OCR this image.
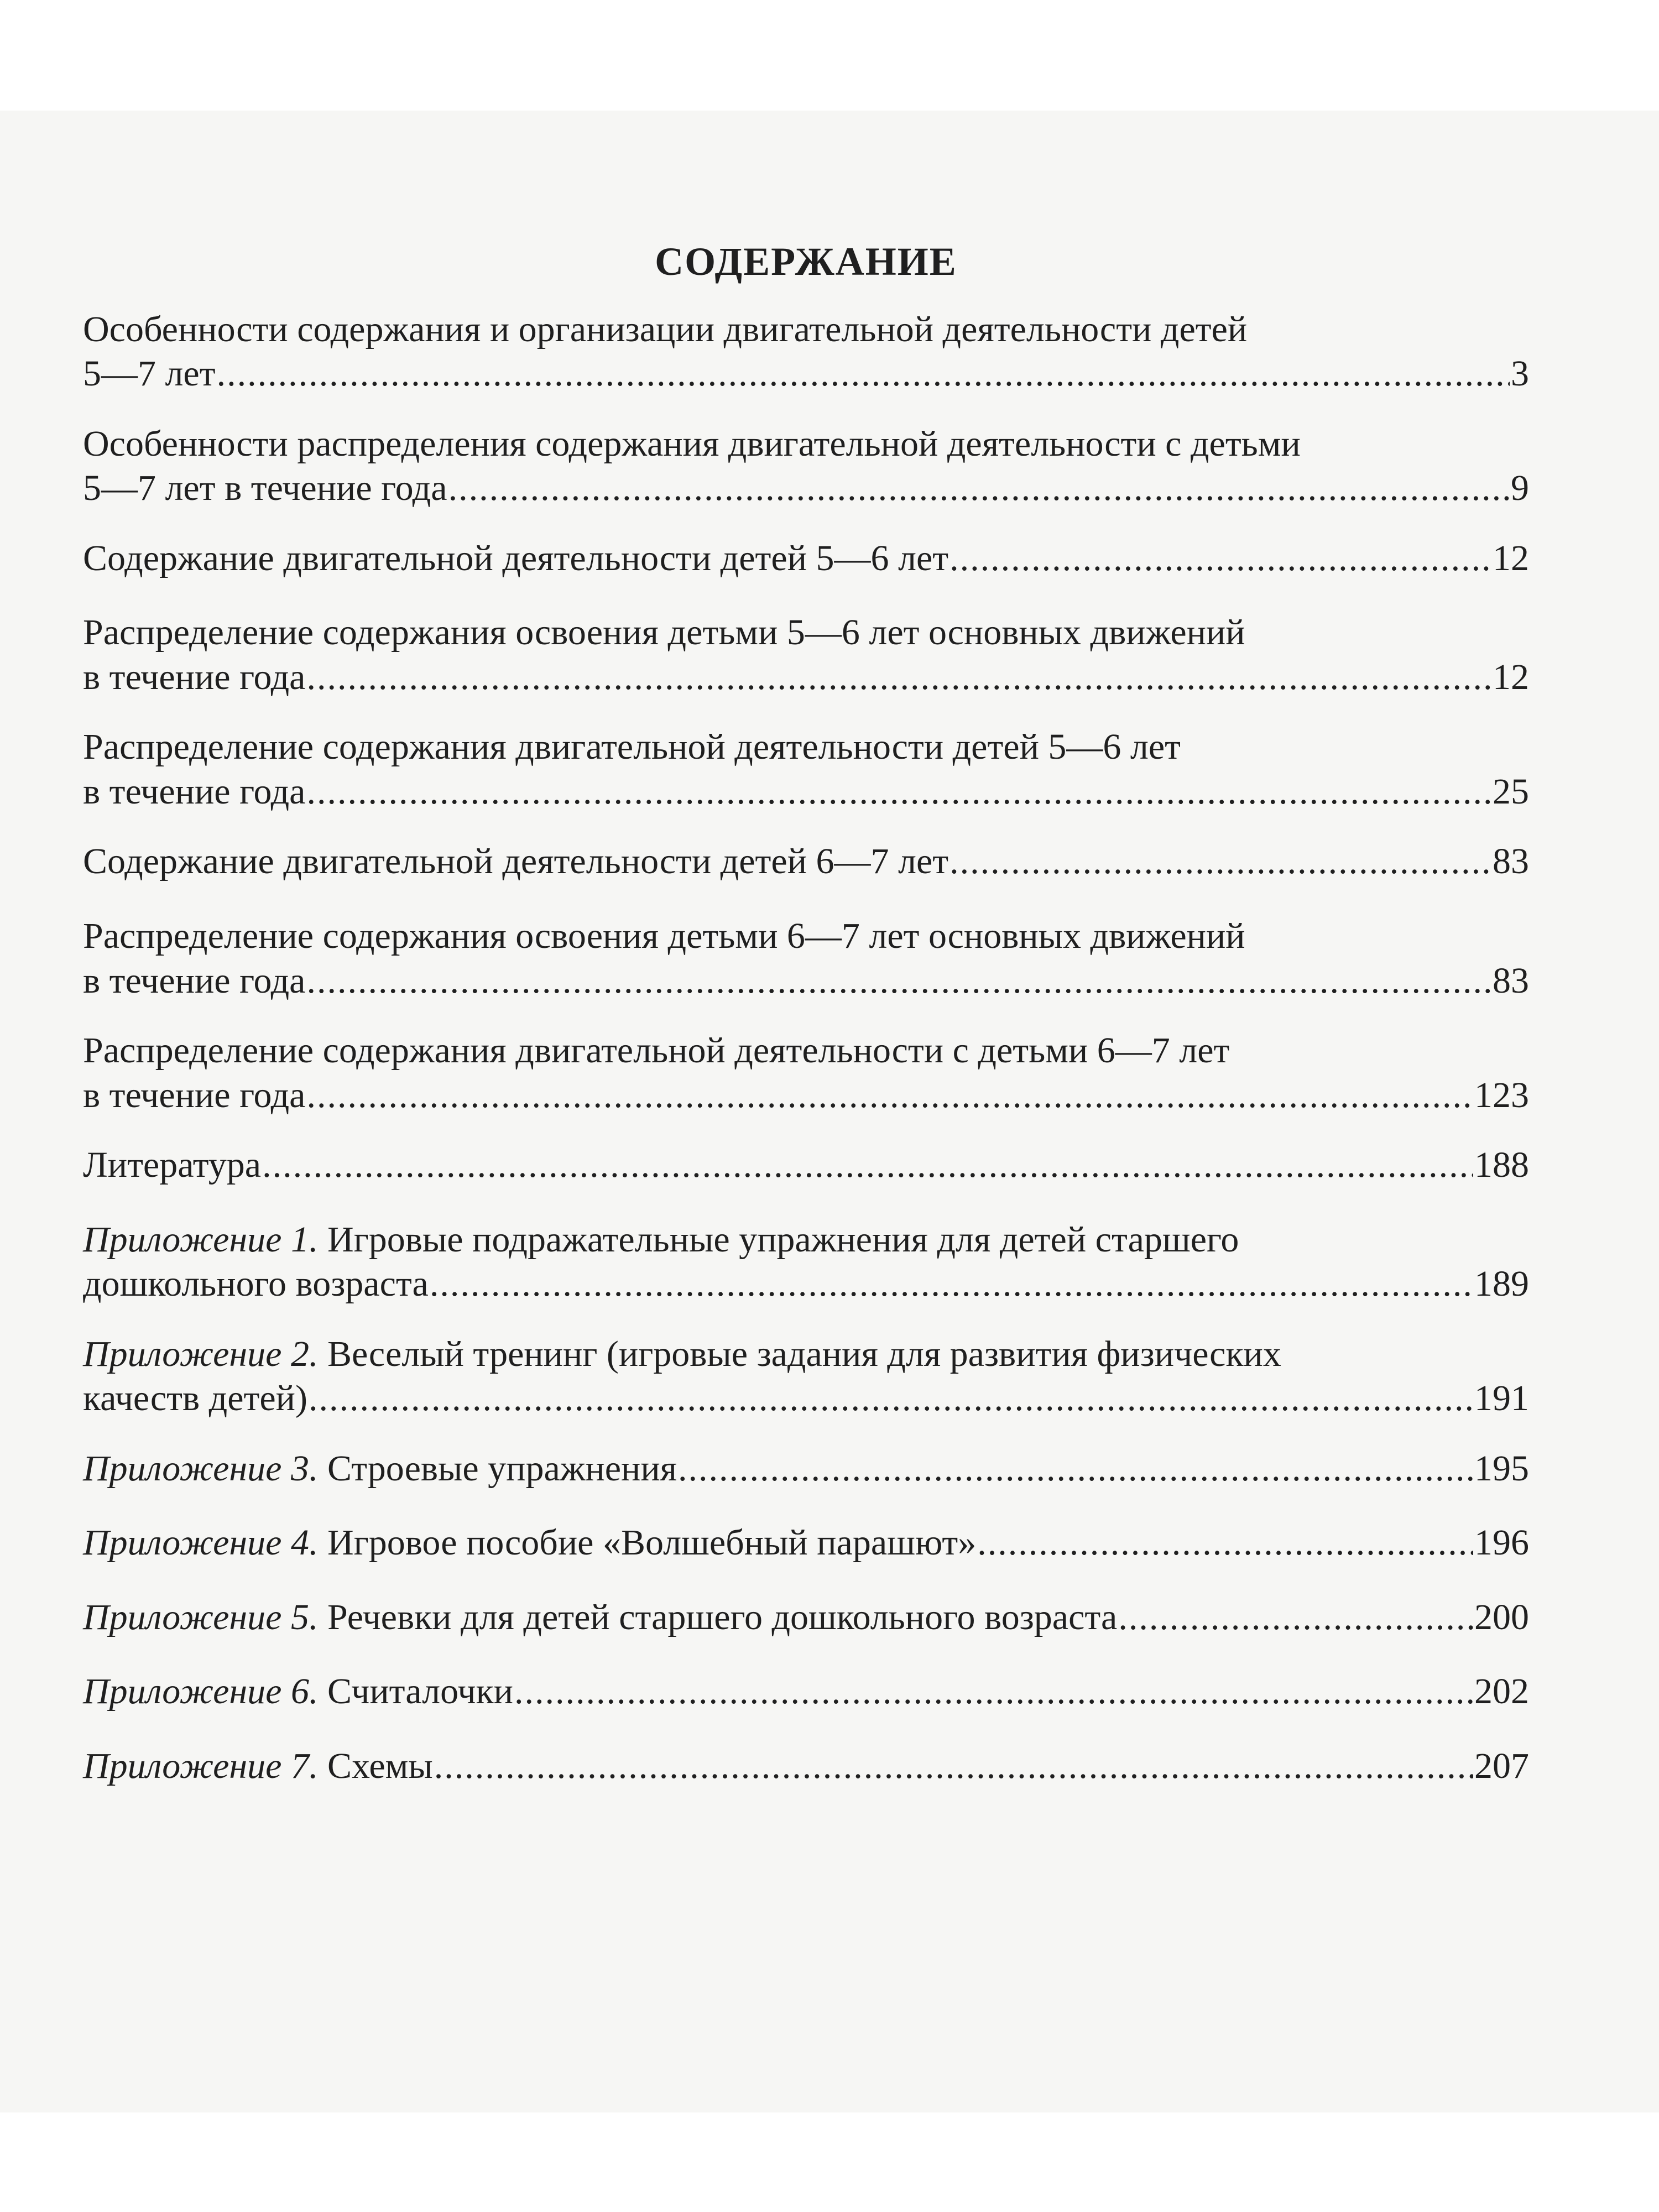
СОДЕРЖАНИЕ
Особенности содержания и организации двигательной деятельности детей
5—7 лет .....	3
Особенности распределения содержания двигательной деятельности с детьми
5—7 лет в течение года .....	9
Содержание двигательной деятельности детей 5—6 лет .....	12
Распределение содержания освоения детьми 5—6 лет основных движений
в течение года .....	12
Распределение содержания двигательной деятельности детей 5—6 лет
в течение года .....	25
Содержание двигательной деятельности детей 6—7 лет .....	83
Распределение содержания освоения детьми 6—7 лет основных движений
в течение года .....	83
Распределение содержания двигательной деятельности с детьми 6—7 лет
в течение года .....	123
Литература .....	188
Приложение 1. Игровые подражательные упражнения для детей старшего
дошкольного возраста .....	189
Приложение 2. Веселый тренинг (игровые задания для развития физических
качеств детей) .....	191
Приложение 3. Строевые упражнения .....	195
Приложение 4. Игровое пособие «Волшебный парашют» .....	196
Приложение 5. Речевки для детей старшего дошкольного возраста .....	200
Приложение 6. Считалочки .....	202
Приложение 7. Схемы .....	207
